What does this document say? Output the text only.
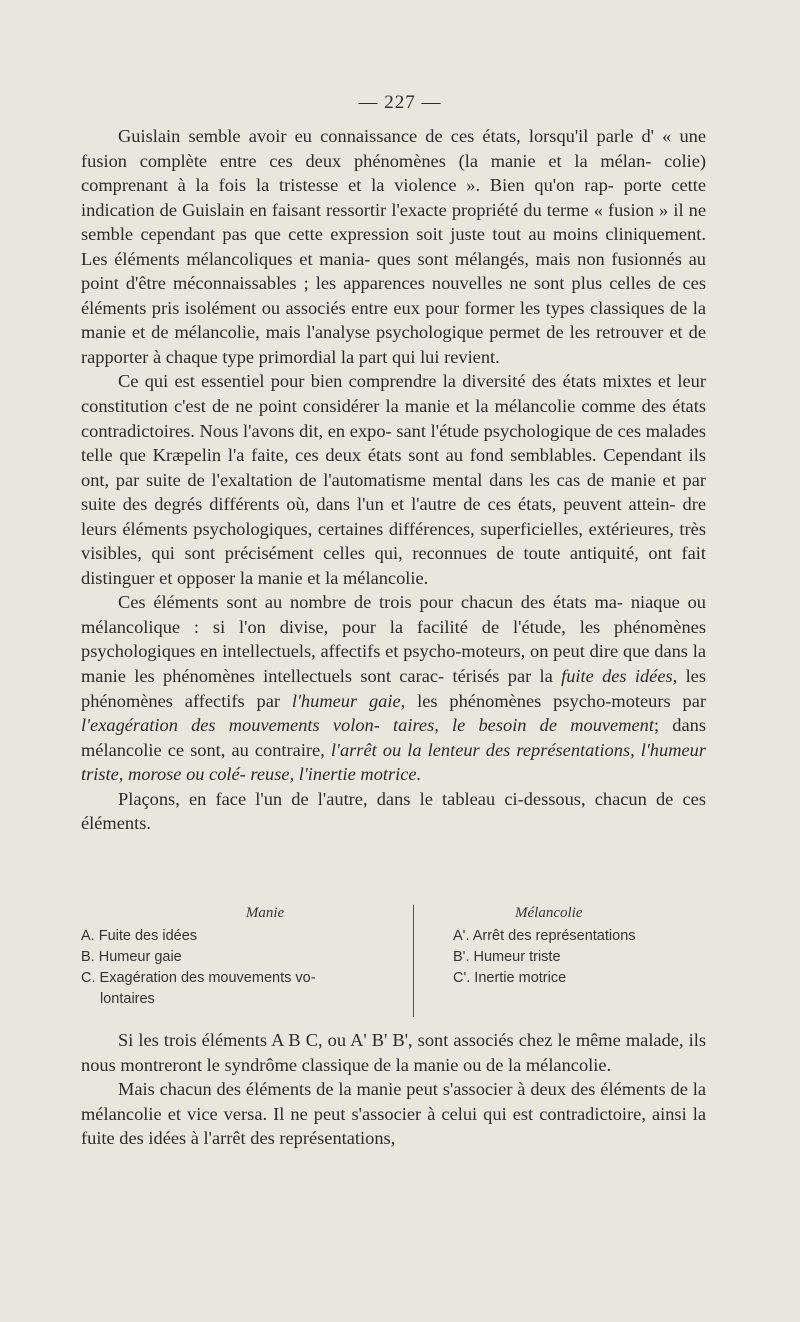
— 227 —

Guislain semble avoir eu connaissance de ces états, lorsqu'il parle d' « une fusion complète entre ces deux phénomènes (la manie et la mélan- colie) comprenant à la fois la tristesse et la violence ». Bien qu'on rap- porte cette indication de Guislain en faisant ressortir l'exacte propriété du terme « fusion » il ne semble cependant pas que cette expression soit juste tout au moins cliniquement. Les éléments mélancoliques et mania- ques sont mélangés, mais non fusionnés au point d'être méconnaissables ; les apparences nouvelles ne sont plus celles de ces éléments pris isolément ou associés entre eux pour former les types classiques de la manie et de mélancolie, mais l'analyse psychologique permet de les retrouver et de rapporter à chaque type primordial la part qui lui revient.

Ce qui est essentiel pour bien comprendre la diversité des états mixtes et leur constitution c'est de ne point considérer la manie et la mélancolie comme des états contradictoires. Nous l'avons dit, en expo- sant l'étude psychologique de ces malades telle que Kræpelin l'a faite, ces deux états sont au fond semblables. Cependant ils ont, par suite de l'exaltation de l'automatisme mental dans les cas de manie et par suite des degrés différents où, dans l'un et l'autre de ces états, peuvent attein- dre leurs éléments psychologiques, certaines différences, superficielles, extérieures, très visibles, qui sont précisément celles qui, reconnues de toute antiquité, ont fait distinguer et opposer la manie et la mélancolie.

Ces éléments sont au nombre de trois pour chacun des états ma- niaque ou mélancolique : si l'on divise, pour la facilité de l'étude, les phénomènes psychologiques en intellectuels, affectifs et psycho-moteurs, on peut dire que dans la manie les phénomènes intellectuels sont carac- térisés par la fuite des idées, les phénomènes affectifs par l'humeur gaie, les phénomènes psycho-moteurs par l'exagération des mouvements volon- taires, le besoin de mouvement; dans mélancolie ce sont, au contraire, l'arrêt ou la lenteur des représentations, l'humeur triste, morose ou colé- reuse, l'inertie motrice.

Plaçons, en face l'un de l'autre, dans le tableau ci-dessous, chacun de ces éléments.

Manie
A. Fuite des idées
B. Humeur gaie
C. Exagération des mouvements vo-
lontaires
Mélancolie
A'. Arrêt des représentations
B'. Humeur triste
C'. Inertie motrice

Si les trois éléments A B C, ou A' B' B', sont associés chez le même malade, ils nous montreront le syndrôme classique de la manie ou de la mélancolie.

Mais chacun des éléments de la manie peut s'associer à deux des éléments de la mélancolie et vice versa. Il ne peut s'associer à celui qui est contradictoire, ainsi la fuite des idées à l'arrêt des représentations,
